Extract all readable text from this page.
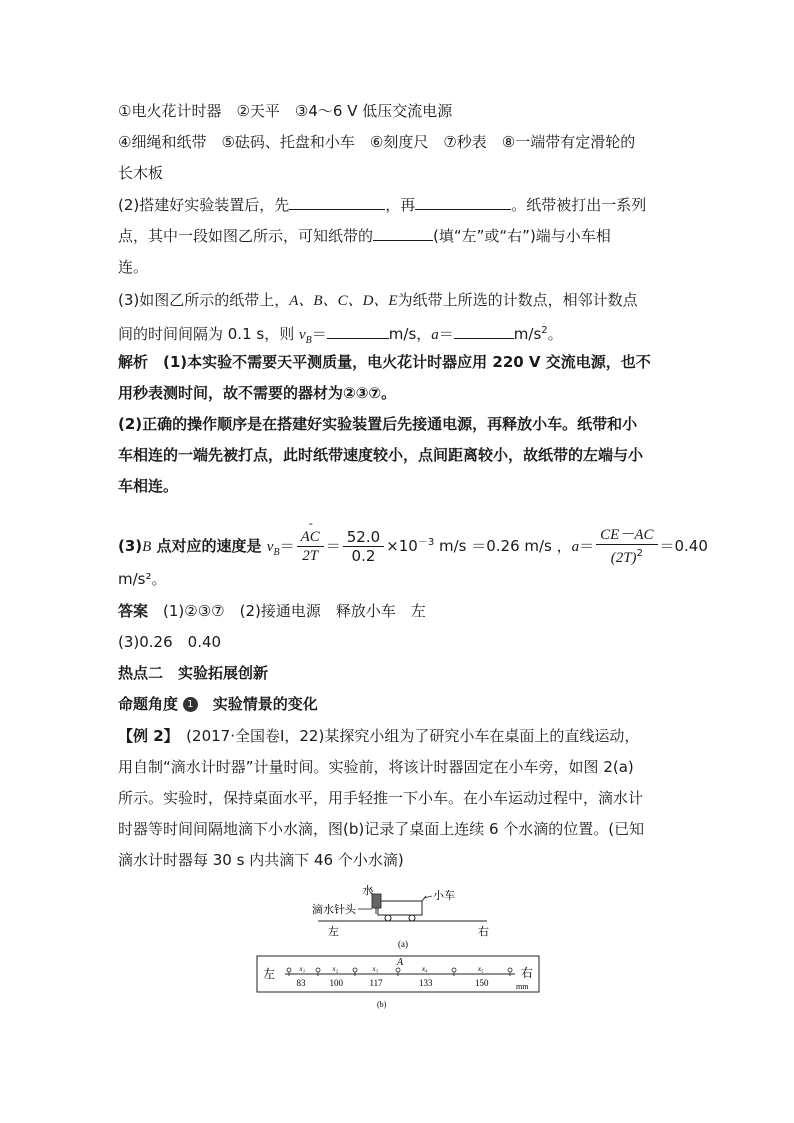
①电火花计时器　②天平　③4～6 V 低压交流电源
④细绳和纸带　⑤砝码、托盘和小车　⑥刻度尺　⑦秒表　⑧一端带有定滑轮的
长木板
(2)搭建好实验装置后，先	，再	。纸带被打出一系列
点，其中一段如图乙所示，可知纸带的	(填“左”或“右”)端与小车相
连。
(3)如图乙所示的纸带上，A、B、C、D、E为纸带上所选的计数点，相邻计数点
间的时间间隔为 0.1 s，则 $v_B=$	m/s，a＝	$m/s^2$。
解析　(1)本实验不需要天平测质量，电火花计时器应用 220 V 交流电源，也不
用秒表测时间，故不需要的器材为②③⑦。
(2)正确的操作顺序是在搭建好实验装置后先接通电源，再释放小车。纸带和小
车相连的一端先被打点，此时纸带速度较小，点间距离较小，故纸带的左端与小
车相连。
(3)B 点对应的速度是 $v_B=$
- $\frac{AC}{2T} = \frac{52.0}{0.2} \times 10^{-3}$ m/s ＝0.26 m/s ，$a= \frac{CE-AC}{(2T)^2} =0.40$
m/s²。
答案　(1)②③⑦　(2)接通电源　释放小车　左
(3)0.26　0.40
热点二　实验拓展创新
命题角度 1　实验情景的变化
【例 2】　(2017·全国卷Ⅰ，22)某探究小组为了研究小车在桌面上的直线运动，
用自制“滴水计时器”计量时间。实验前，将该计时器固定在小车旁，如图 2(a)
所示。实验时，保持桌面水平，用手轻推一下小车。在小车运动过程中，滴水计
时器等时间间隔地滴下小水滴，图(b)记录了桌面上连续 6 个水滴的位置。(已知
滴水计时器每 30 s 内共滴下 46 个小水滴)
水
滴水针头
小车
左	右
(a)
左	右
mm
A
x₁
83
x₂
100
x₃
117
x₄
133
x₅
150
(b)
